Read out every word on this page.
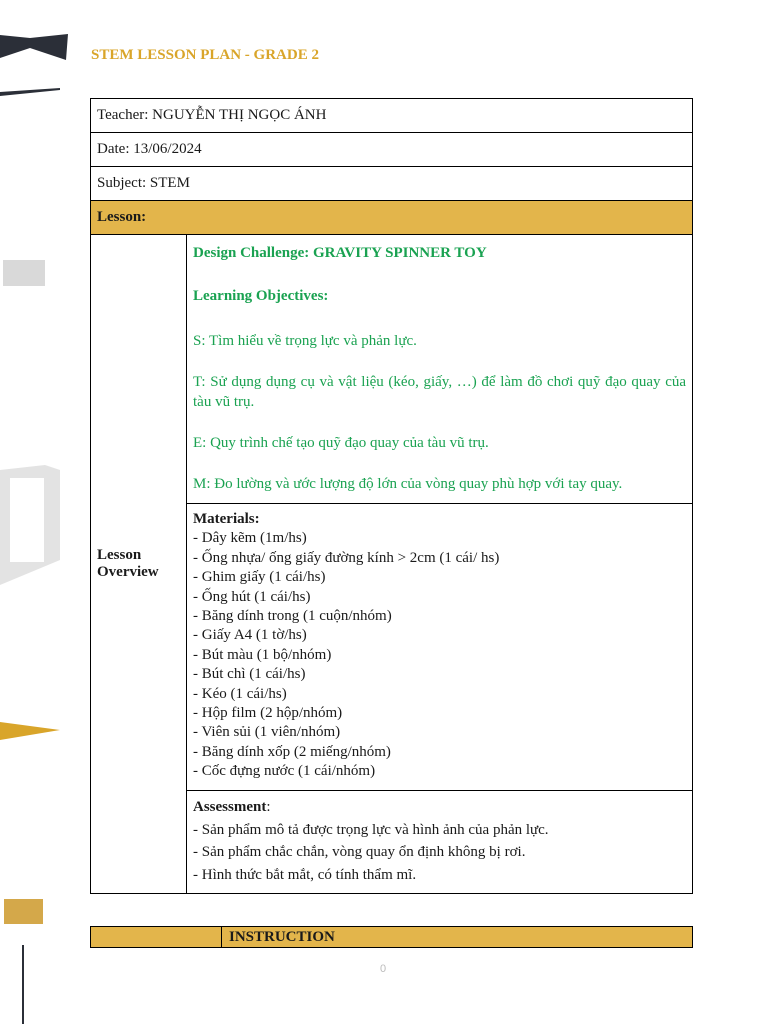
STEM LESSON PLAN - GRADE 2
Teacher: NGUYỄN THỊ NGỌC ÁNH
Date: 13/06/2024
Subject: STEM
Lesson:

Lesson
Overview

Design Challenge: GRAVITY SPINNER TOY

Learning Objectives:

S: Tìm hiểu về trọng lực và phản lực.

T: Sử dụng dụng cụ và vật liệu (kéo, giấy, …) để làm đồ chơi quỹ đạo quay của tàu vũ trụ.

E: Quy trình chế tạo quỹ đạo quay của tàu vũ trụ.

M: Đo lường và ước lượng độ lớn của vòng quay phù hợp với tay quay.

Materials:
- Dây kẽm (1m/hs)
- Ống nhựa/ ống giấy đường kính > 2cm (1 cái/ hs)
- Ghim giấy (1 cái/hs)
- Ống hút (1 cái/hs)
- Băng dính trong (1 cuộn/nhóm)
- Giấy A4 (1 tờ/hs)
- Bút màu (1 bộ/nhóm)
- Bút chì (1 cái/hs)
- Kéo (1 cái/hs)
- Hộp film (2 hộp/nhóm)
- Viên sủi (1 viên/nhóm)
- Băng dính xốp (2 miếng/nhóm)
- Cốc đựng nước (1 cái/nhóm)

Assessment:
- Sản phẩm mô tả được trọng lực và hình ảnh của phản lực.
- Sản phẩm chắc chắn, vòng quay ổn định không bị rơi.
- Hình thức bắt mắt, có tính thẩm mĩ.
	INSTRUCTION
0
